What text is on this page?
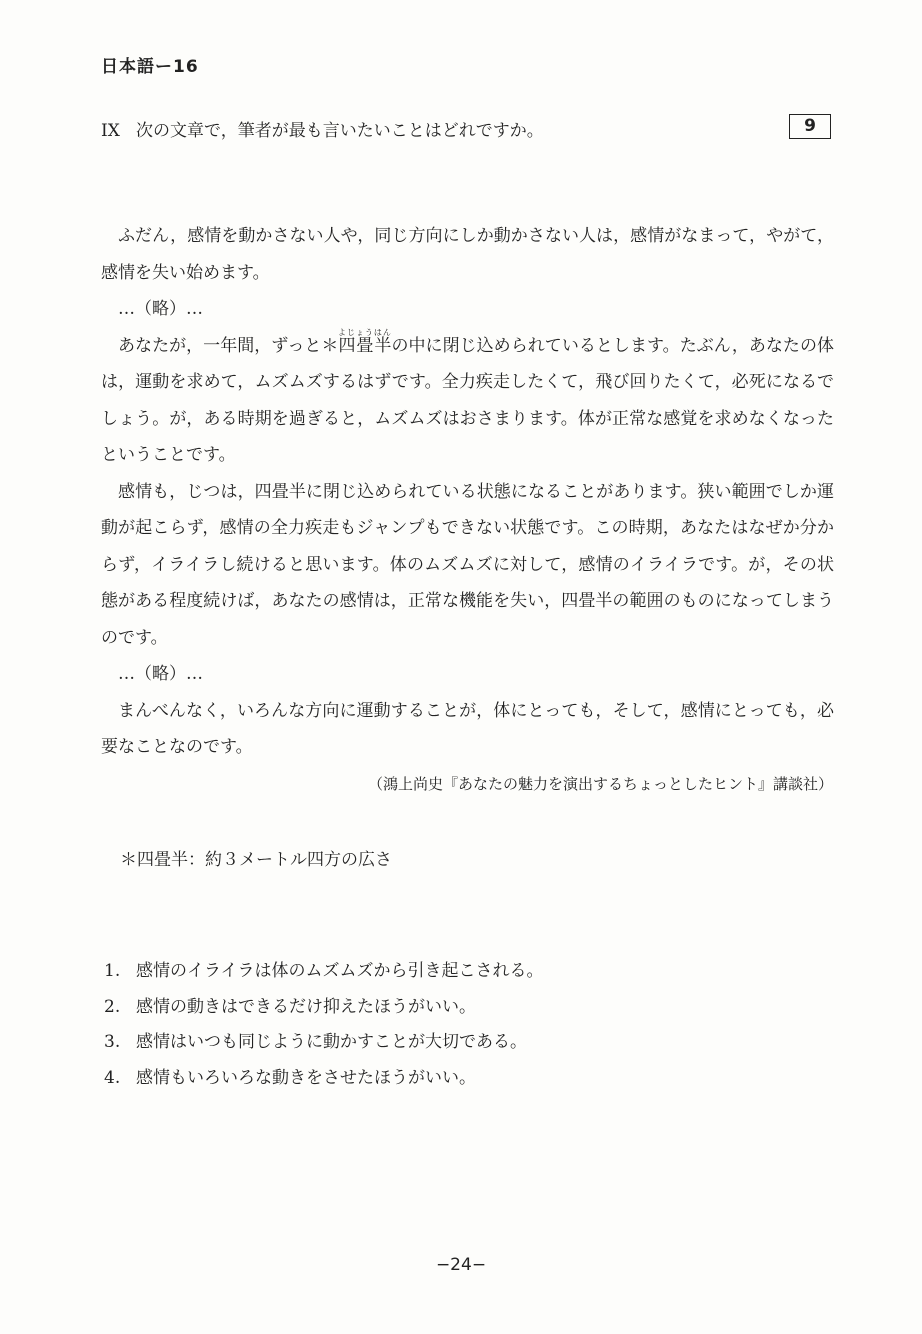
日本語ー16
IX 次の文章で，筆者が最も言いたいことはどれですか。	9

ふだん，感情を動かさない人や，同じ方向にしか動かさない人は，感情がなまって，やがて，感情を失い始めます。

…（略）…

あなたが，一年間，ずっと＊四畳半よじょうはんの中に閉じ込められているとします。たぶん，あなたの体は，運動を求めて，ムズムズするはずです。全力疾走したくて，飛び回りたくて，必死になるでしょう。が，ある時期を過ぎると，ムズムズはおさまります。体が正常な感覚を求めなくなったということです。

感情も，じつは，四畳半に閉じ込められている状態になることがあります。狭い範囲でしか運動が起こらず，感情の全力疾走もジャンプもできない状態です。この時期，あなたはなぜか分からず，イライラし続けると思います。体のムズムズに対して，感情のイライラです。が，その状態がある程度続けば，あなたの感情は，正常な機能を失い，四畳半の範囲のものになってしまうのです。

…（略）…

まんべんなく，いろんな方向に運動することが，体にとっても，そして，感情にとっても，必要なことなのです。

（鴻上尚史『あなたの魅力を演出するちょっとしたヒント』講談社）
＊四畳半：約３メートル四方の広さ
1. 感情のイライラは体のムズムズから引き起こされる。
2. 感情の動きはできるだけ抑えたほうがいい。
3. 感情はいつも同じように動かすことが大切である。
4. 感情もいろいろな動きをさせたほうがいい。
−24−
